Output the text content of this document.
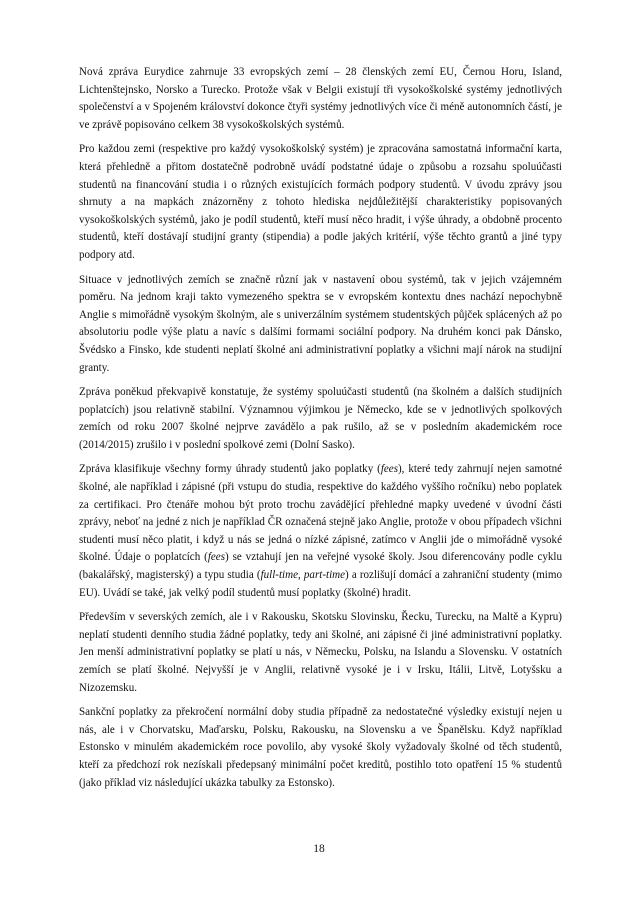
Nová zpráva Eurydice zahrnuje 33 evropských zemí – 28 členských zemí EU, Černou Horu, Island, Lichtenštejnsko, Norsko a Turecko. Protože však v Belgii existují tři vysokoškolské systémy jednotlivých společenství a v Spojeném království dokonce čtyři systémy jednotlivých více či méně autonomních částí, je ve zprávě popisováno celkem 38 vysokoškolských systémů.

Pro každou zemi (respektive pro každý vysokoškolský systém) je zpracována samostatná informační karta, která přehledně a přitom dostatečně podrobně uvádí podstatné údaje o způsobu a rozsahu spoluúčasti studentů na financování studia i o různých existujících formách podpory studentů. V úvodu zprávy jsou shrnuty a na mapkách znázorněny z tohoto hlediska nejdůležitější charakteristiky popisovaných vysokoškolských systémů, jako je podíl studentů, kteří musí něco hradit, i výše úhrady, a obdobně procento studentů, kteří dostávají studijní granty (stipendia) a podle jakých kritérií, výše těchto grantů a jiné typy podpory atd.

Situace v jednotlivých zemích se značně různí jak v nastavení obou systémů, tak v jejich vzájemném poměru. Na jednom kraji takto vymezeného spektra se v evropském kontextu dnes nachází nepochybně Anglie s mimořádně vysokým školným, ale s univerzálním systémem studentských půjček splácených až po absolutoriu podle výše platu a navíc s dalšími formami sociální podpory. Na druhém konci pak Dánsko, Švédsko a Finsko, kde studenti neplatí školné ani administrativní poplatky a všichni mají nárok na studijní granty.

Zpráva poněkud překvapivě konstatuje, že systémy spoluúčasti studentů (na školném a dalších studijních poplatcích) jsou relativně stabilní. Významnou výjimkou je Německo, kde se v jednotlivých spolkových zemích od roku 2007 školné nejprve zavádělo a pak rušilo, až se v posledním akademickém roce (2014/2015) zrušilo i v poslední spolkové zemi (Dolní Sasko).

Zpráva klasifikuje všechny formy úhrady studentů jako poplatky (fees), které tedy zahrnují nejen samotné školné, ale například i zápisné (při vstupu do studia, respektive do každého vyššího ročníku) nebo poplatek za certifikaci. Pro čtenáře mohou být proto trochu zavádějící přehledné mapky uvedené v úvodní části zprávy, neboť na jedné z nich je například ČR označená stejně jako Anglie, protože v obou případech všichni studenti musí něco platit, i když u nás se jedná o nízké zápisné, zatímco v Anglii jde o mimořádně vysoké školné. Údaje o poplatcích (fees) se vztahují jen na veřejné vysoké školy. Jsou diferencovány podle cyklu (bakalářský, magisterský) a typu studia (full-time, part-time) a rozlišují domácí a zahraniční studenty (mimo EU). Uvádí se také, jak velký podíl studentů musí poplatky (školné) hradit.

Především v severských zemích, ale i v Rakousku, Skotsku Slovinsku, Řecku, Turecku, na Maltě a Kypru) neplatí studenti denního studia žádné poplatky, tedy ani školné, ani zápisné či jiné administrativní poplatky. Jen menší administrativní poplatky se platí u nás, v Německu, Polsku, na Islandu a Slovensku. V ostatních zemích se platí školné. Nejvyšší je v Anglii, relativně vysoké je i v Irsku, Itálii, Litvě, Lotyšsku a Nizozemsku.

Sankční poplatky za překročení normální doby studia případně za nedostatečné výsledky existují nejen u nás, ale i v Chorvatsku, Maďarsku, Polsku, Rakousku, na Slovensku a ve Španělsku. Když například Estonsko v minulém akademickém roce povolilo, aby vysoké školy vyžadovaly školné od těch studentů, kteří za předchozí rok nezískali předepsaný minimální počet kreditů, postihlo toto opatření 15 % studentů (jako příklad viz následující ukázka tabulky za Estonsko).

18
